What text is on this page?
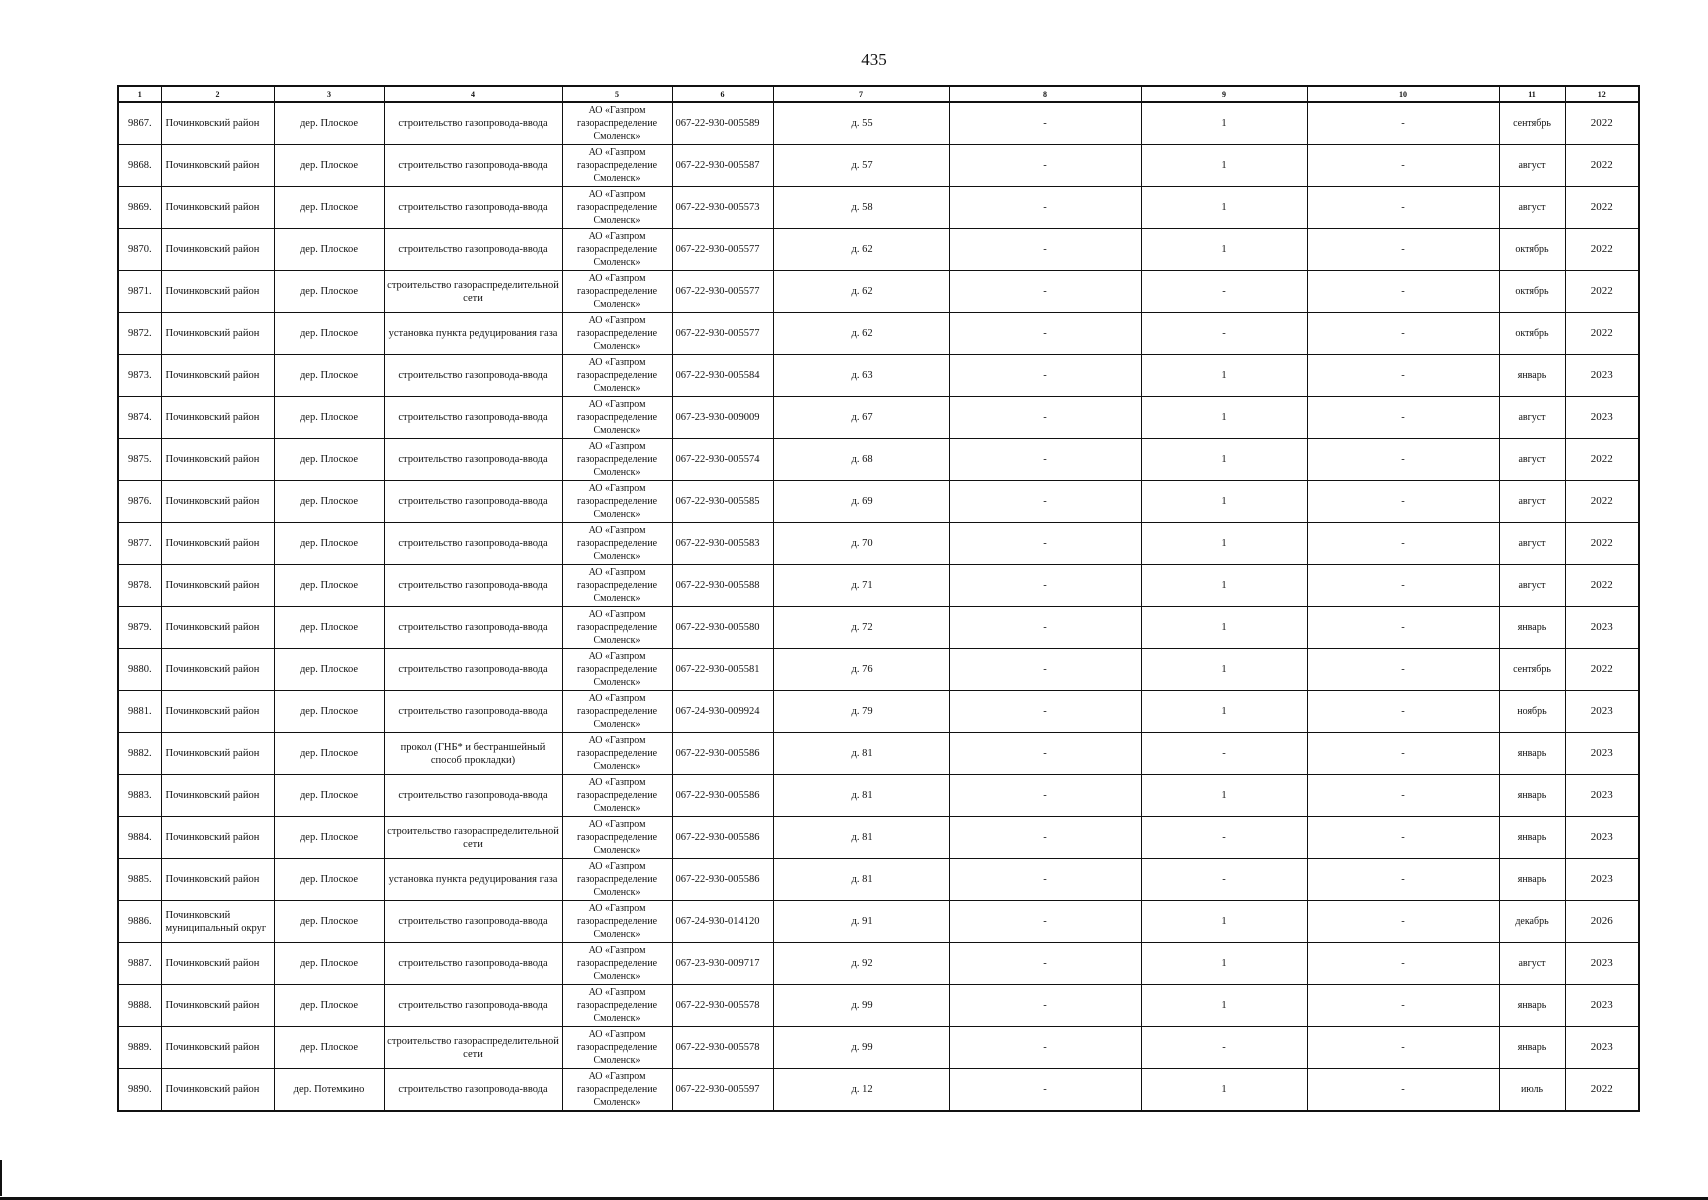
435
1	2	3	4	5	6	7	8	9	10	11	12
9867.	Починковский район	дер. Плоское	строительство газопровода-ввода	АО «Газпром газораспределение Смоленск»	067-22-930-005589	д. 55	-	1	-	сентябрь	2022
9868.	Починковский район	дер. Плоское	строительство газопровода-ввода	АО «Газпром газораспределение Смоленск»	067-22-930-005587	д. 57	-	1	-	август	2022
9869.	Починковский район	дер. Плоское	строительство газопровода-ввода	АО «Газпром газораспределение Смоленск»	067-22-930-005573	д. 58	-	1	-	август	2022
9870.	Починковский район	дер. Плоское	строительство газопровода-ввода	АО «Газпром газораспределение Смоленск»	067-22-930-005577	д. 62	-	1	-	октябрь	2022
9871.	Починковский район	дер. Плоское	строительство газораспределительной сети	АО «Газпром газораспределение Смоленск»	067-22-930-005577	д. 62	-	-	-	октябрь	2022
9872.	Починковский район	дер. Плоское	установка пункта редуцирования газа	АО «Газпром газораспределение Смоленск»	067-22-930-005577	д. 62	-	-	-	октябрь	2022
9873.	Починковский район	дер. Плоское	строительство газопровода-ввода	АО «Газпром газораспределение Смоленск»	067-22-930-005584	д. 63	-	1	-	январь	2023
9874.	Починковский район	дер. Плоское	строительство газопровода-ввода	АО «Газпром газораспределение Смоленск»	067-23-930-009009	д. 67	-	1	-	август	2023
9875.	Починковский район	дер. Плоское	строительство газопровода-ввода	АО «Газпром газораспределение Смоленск»	067-22-930-005574	д. 68	-	1	-	август	2022
9876.	Починковский район	дер. Плоское	строительство газопровода-ввода	АО «Газпром газораспределение Смоленск»	067-22-930-005585	д. 69	-	1	-	август	2022
9877.	Починковский район	дер. Плоское	строительство газопровода-ввода	АО «Газпром газораспределение Смоленск»	067-22-930-005583	д. 70	-	1	-	август	2022
9878.	Починковский район	дер. Плоское	строительство газопровода-ввода	АО «Газпром газораспределение Смоленск»	067-22-930-005588	д. 71	-	1	-	август	2022
9879.	Починковский район	дер. Плоское	строительство газопровода-ввода	АО «Газпром газораспределение Смоленск»	067-22-930-005580	д. 72	-	1	-	январь	2023
9880.	Починковский район	дер. Плоское	строительство газопровода-ввода	АО «Газпром газораспределение Смоленск»	067-22-930-005581	д. 76	-	1	-	сентябрь	2022
9881.	Починковский район	дер. Плоское	строительство газопровода-ввода	АО «Газпром газораспределение Смоленск»	067-24-930-009924	д. 79	-	1	-	ноябрь	2023
9882.	Починковский район	дер. Плоское	прокол (ГНБ* и бестраншейный способ прокладки)	АО «Газпром газораспределение Смоленск»	067-22-930-005586	д. 81	-	-	-	январь	2023
9883.	Починковский район	дер. Плоское	строительство газопровода-ввода	АО «Газпром газораспределение Смоленск»	067-22-930-005586	д. 81	-	1	-	январь	2023
9884.	Починковский район	дер. Плоское	строительство газораспределительной сети	АО «Газпром газораспределение Смоленск»	067-22-930-005586	д. 81	-	-	-	январь	2023
9885.	Починковский район	дер. Плоское	установка пункта редуцирования газа	АО «Газпром газораспределение Смоленск»	067-22-930-005586	д. 81	-	-	-	январь	2023
9886.	Починковский муниципальный округ	дер. Плоское	строительство газопровода-ввода	АО «Газпром газораспределение Смоленск»	067-24-930-014120	д. 91	-	1	-	декабрь	2026
9887.	Починковский район	дер. Плоское	строительство газопровода-ввода	АО «Газпром газораспределение Смоленск»	067-23-930-009717	д. 92	-	1	-	август	2023
9888.	Починковский район	дер. Плоское	строительство газопровода-ввода	АО «Газпром газораспределение Смоленск»	067-22-930-005578	д. 99	-	1	-	январь	2023
9889.	Починковский район	дер. Плоское	строительство газораспределительной сети	АО «Газпром газораспределение Смоленск»	067-22-930-005578	д. 99	-	-	-	январь	2023
9890.	Починковский район	дер. Потемкино	строительство газопровода-ввода	АО «Газпром газораспределение Смоленск»	067-22-930-005597	д. 12	-	1	-	июль	2022
